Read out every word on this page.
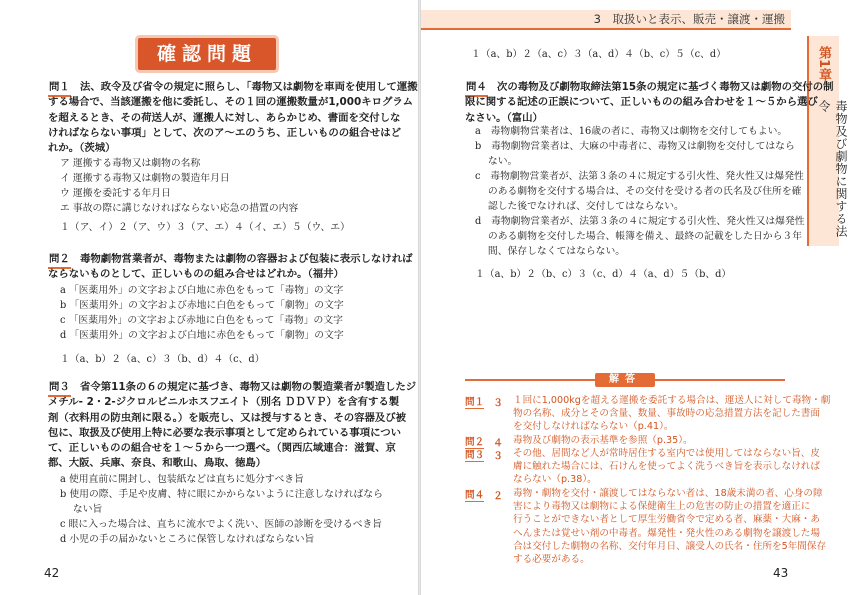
確認問題
問１ 法、政令及び省令の規定に照らし、「毒物又は劇物を車両を使用して運搬
する場合で、当該運搬を他に委託し、その１回の運搬数量が1,000キログラム
を超えるとき、その荷送人が、運搬人に対し、あらかじめ、書面を交付しな
ければならない事項」として、次のア～エのうち、正しいものの組合せはど
れか。（茨城）
ア 運搬する毒物又は劇物の名称
イ 運搬する毒物又は劇物の製造年月日
ウ 運搬を委託する年月日
エ 事故の際に講じなければならない応急の措置の内容
１（ア、イ）２（ア、ウ）３（ア、エ）４（イ、エ）５（ウ、エ）
問２ 毒物劇物営業者が、毒物または劇物の容器および包装に表示しなければ
ならないものとして、正しいものの組み合せはどれか。（福井）
a 「医薬用外」の文字および白地に赤色をもって「毒物」の文字
b 「医薬用外」の文字および赤地に白色をもって「劇物」の文字
c 「医薬用外」の文字および赤地に白色をもって「毒物」の文字
d 「医薬用外」の文字および白地に赤色をもって「劇物」の文字
１（a、b）２（a、c）３（b、d）４（c、d）
問３ 省令第11条の６の規定に基づき、毒物又は劇物の製造業者が製造したジ
メチル- 2・2-ジクロルビニルホスフエイト（別名 ＤＤＶＰ）を含有する製
剤（衣料用の防虫剤に限る。）を販売し、又は授与するとき、その容器及び被
包に、取扱及び使用上特に必要な表示事項として定められている事項につい
て、正しいものの組合せを１～５から一つ選べ。（関西広域連合：滋賀、京
都、大阪、兵庫、奈良、和歌山、鳥取、徳島）
a 使用直前に開封し、包装紙などは直ちに処分すべき旨
b 使用の際、手足や皮膚、特に眼にかからないように注意しなければなら
　 ない旨
c 眼に入った場合は、直ちに流水でよく洗い、医師の診断を受けるべき旨
d 小児の手の届かないところに保管しなければならない旨
42
3　取扱いと表示、販売・譲渡・運搬
第1章
毒物及び劇物に関する法令
１（a、b）２（a、c）３（a、d）４（b、c）５（c、d）
問４ 次の毒物及び劇物取締法第15条の規定に基づく毒物又は劇物の交付の制
限に関する記述の正誤について、正しいものの組み合わせを１～５から選び
なさい。（富山）
a　毒物劇物営業者は、16歳の者に、毒物又は劇物を交付してもよい。
b　毒物劇物営業者は、大麻の中毒者に、毒物又は劇物を交付してはなら
　 ない。
c　毒物劇物営業者が、法第３条の４に規定する引火性、発火性又は爆発性
　 のある劇物を交付する場合は、その交付を受ける者の氏名及び住所を確
　 認した後でなければ、交付してはならない。
d　毒物劇物営業者が、法第３条の４に規定する引火性、発火性又は爆発性
　 のある劇物を交付した場合、帳簿を備え、最終の記載をした日から３年
　 間、保存しなくてはならない。
１（a、b）２（b、c）３（c、d）４（a、d）５（b、d）
解答
問１ ３ １回に1,000kgを超える運搬を委託する場合は、運送人に対して毒物・劇
物の名称、成分とその含量、数量、事故時の応急措置方法を記した書面
を交付しなければならない（p.41）。
問２ ４ 毒物及び劇物の表示基準を参照（p.35）。
問３ ３ その他、居間など人が常時居住する室内では使用してはならない旨、皮
膚に触れた場合には、石けんを使ってよく洗うべき旨を表示しなければ
ならない（p.38）。
問４ ２ 毒物・劇物を交付・譲渡してはならない者は、18歳未満の者、心身の障
害により毒物又は劇物による保健衛生上の危害の防止の措置を適正に
行うことができない者として厚生労働省令で定める者、麻薬・大麻・あ
へんまたは覚せい剤の中毒者。爆発性・発火性のある劇物を譲渡した場
合は交付した劇物の名称、交付年月日、譲受人の氏名・住所を5年間保存
する必要がある。
43
